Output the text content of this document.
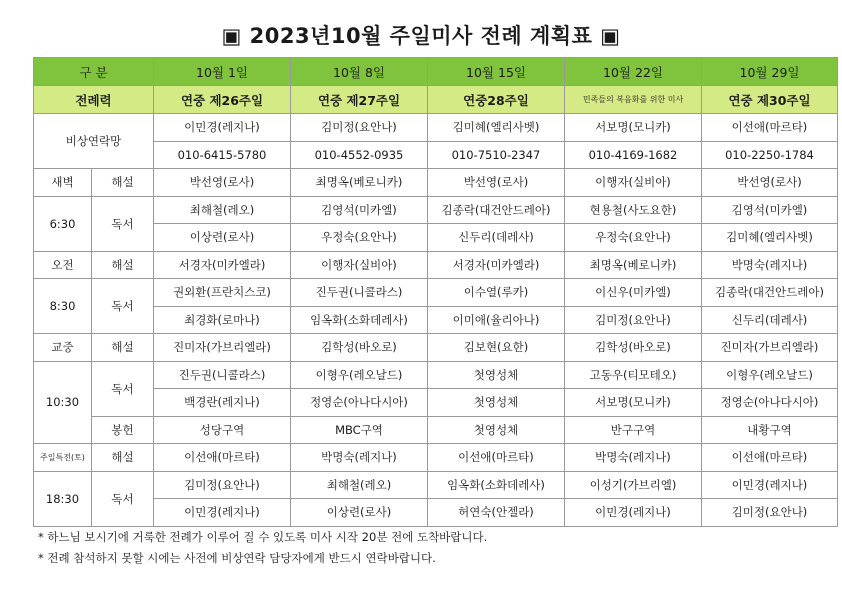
▣ 2023년10월 주일미사 전례 계획표 ▣
구 분		10월 1일	10월 8일	10월 15일	10월 22일	10월 29일
전례력		연중 제26주일	연중 제27주일	연중28주일	민족들의 복음화를 위한 미사	연중 제30주일
비상연락망		이민경(레지나)	김미정(요안나)	김미혜(엘리사벳)	서보명(모니카)	이선애(마르타)
		010-6415-5780	010-4552-0935	010-7510-2347	010-4169-1682	010-2250-1784
새벽	해설	박선영(로사)	최명옥(베로니카)	박선영(로사)	이행자(실비아)	박선영(로사)
6:30	독서	최해철(레오)	김영석(미카엘)	김종락(대건안드레아)	현용철(사도요한)	김영석(미카엘)
		이상련(로사)	우정숙(요안나)	신두리(데레사)	우정숙(요안나)	김미혜(엘리사벳)
오전	해설	서경자(미카엘라)	이행자(실비아)	서경자(미카엘라)	최명옥(베로니카)	박명숙(레지나)
8:30	독서	권외환(프란치스코)	진두권(니콜라스)	이수열(루카)	이신우(미카엘)	김종락(대건안드레아)
		최경화(로마나)	임옥화(소화데레사)	이미애(율리아나)	김미정(요안나)	신두리(데레사)
교중	해설	진미자(가브리엘라)	김학성(바오로)	김보현(요한)	김학성(바오로)	진미자(가브리엘라)
10:30	독서	진두권(니콜라스)	이형우(레오날드)	첫영성체	고동우(티모테오)	이형우(레오날드)
		백경란(레지나)	정영순(아나다시아)	첫영성체	서보명(모니카)	정영순(아나다시아)
	봉헌	성당구역	MBC구역	첫영성체	반구구역	내황구역
주일특전(토)	해설	이선애(마르타)	박명숙(레지나)	이선애(마르타)	박명숙(레지나)	이선애(마르타)
18:30	독서	김미정(요안나)	최해철(레오)	임옥화(소화데레사)	이성기(가브리엘)	이민경(레지나)
		이민경(레지나)	이상련(로사)	허연숙(안젤라)	이민경(레지나)	김미정(요안나)
* 하느님 보시기에 거룩한 전례가 이루어 질 수 있도록 미사 시작 20분 전에 도착바랍니다.
* 전례 참석하지 못할 시에는 사전에 비상연락 담당자에게 반드시 연락바랍니다.
